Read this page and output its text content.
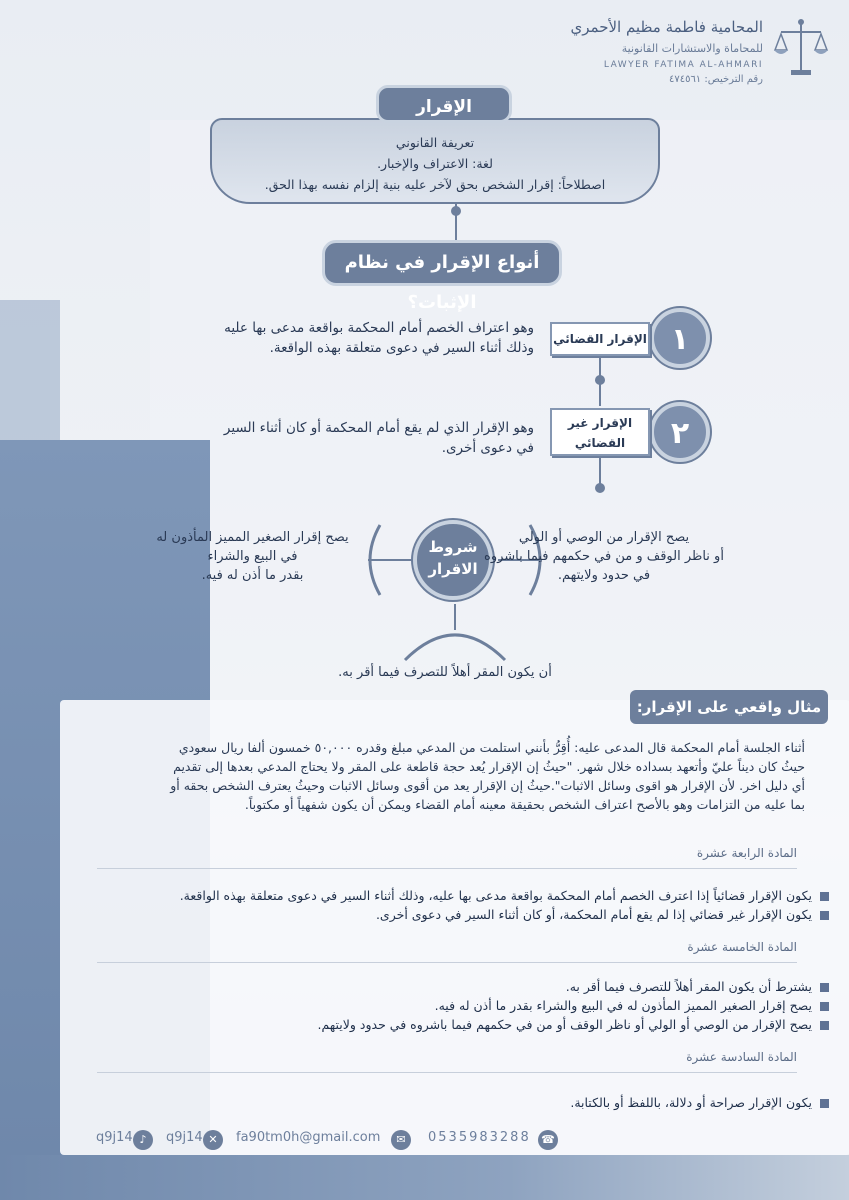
المحامية فاطمة مظيم الأحمري
للمحاماة والاستشارات القانونية
LAWYER FATIMA AL-AHMARI
رقم الترخيص: ٤٧٤٥٦١
تعريفة القانوني
لغة: الاعتراف والإخبار.
اصطلاحاً: إقرار الشخص بحق لآخر عليه بنية إلزام نفسه بهذا الحق.
الإقرار
أنواع الإقرار في نظام الإثبات؟
١
الإقرار القضائي
وهو اعتراف الخصم أمام المحكمة بواقعة مدعى بها عليه
وذلك أثناء السير في دعوى متعلقة بهذه الواقعة.
٢
الإقرار غير
القضائي
وهو الإقرار الذي لم يقع أمام المحكمة أو كان أثناء السير
في دعوى أخرى.
شروط
الاقرار
يصح الإقرار من الوصي أو الولي
أو ناظر الوقف و من في حكمهم فيما باشروه
في حدود ولايتهم.
يصح إقرار الصغير المميز المأذون له
في البيع والشراء
بقدر ما أذن له فيه.
أن يكون المقر أهلاً للتصرف فيما أقر به.
مثال واقعي على الإقرار:
أثناء الجلسة أمام المحكمة قال المدعى عليه: أُقِرُّ بأنني استلمت من المدعي مبلغ وقدره ٥٠,٠٠٠ خمسون ألفا ريال سعودي
حيثُ كان ديناً عليّ وأتعهد بسداده خلال شهر. "حيثُ إن الإقرار يُعد حجة قاطعة على المقر ولا يحتاج المدعي بعدها إلى تقديم
أي دليل اخر. لأن الإقرار هو اقوى وسائل الاثبات".حيثُ إن الإقرار يعد من أقوى وسائل الاثبات وحيثُ يعترف الشخص بحقه أو
بما عليه من التزامات وهو بالأصح اعتراف الشخص بحقيقة معينه أمام القضاء ويمكن أن يكون شفهياً أو مكتوباً.
المادة الرابعة عشرة
يكون الإقرار قضائياً إذا اعترف الخصم أمام المحكمة بواقعة مدعى بها عليه، وذلك أثناء السير في دعوى متعلقة بهذه الواقعة.
يكون الإقرار غير قضائي إذا لم يقع أمام المحكمة، أو كان أثناء السير في دعوى أخرى.
المادة الخامسة عشرة
يشترط أن يكون المقر أهلاً للتصرف فيما أقر به.
يصح إقرار الصغير المميز المأذون له في البيع والشراء بقدر ما أذن له فيه.
يصح الإقرار من الوصي أو الولي أو ناظر الوقف أو من في حكمهم فيما باشروه في حدود ولايتهم.
المادة السادسة عشرة
يكون الإقرار صراحة أو دلالة، باللفظ أو بالكتابة.
☎
0535983288
✉
fa90tm0h@gmail.com
✕
q9j14
♪
q9j14
